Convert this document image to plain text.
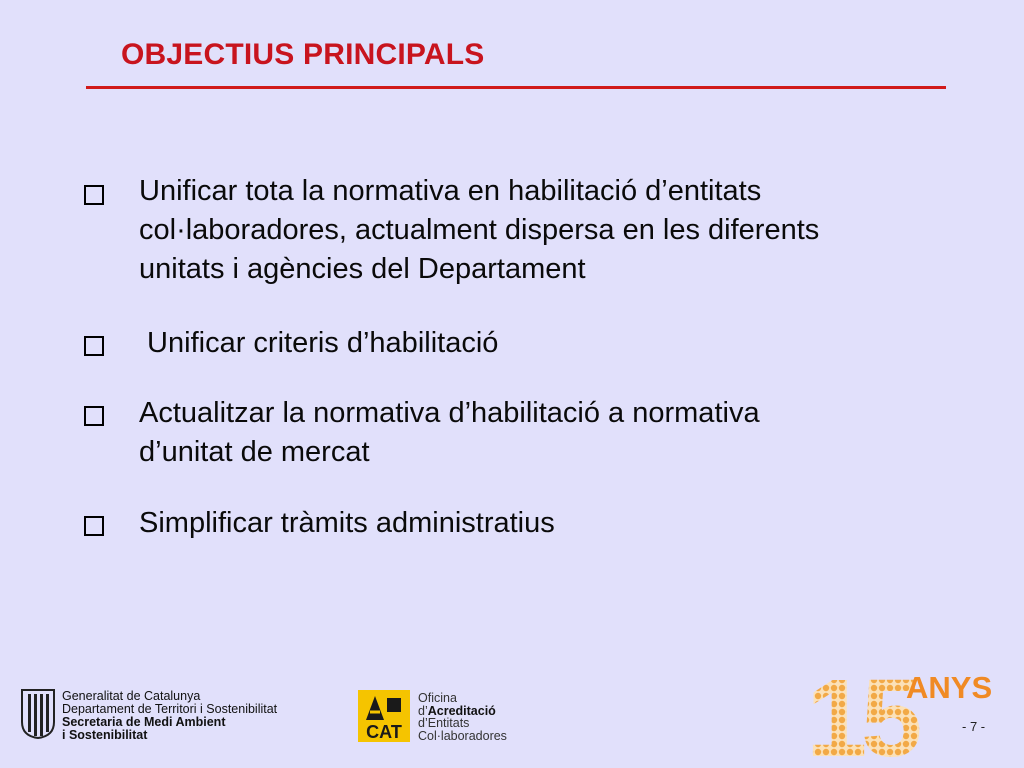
OBJECTIUS PRINCIPALS
Unificar tota la normativa en habilitació d’entitats
col·laboradores, actualment dispersa en les diferents
unitats i agències del Departament
Unificar criteris d’habilitació
Actualitzar la normativa d’habilitació a normativa
d’unitat de mercat
Simplificar tràmits administratius
Generalitat de Catalunya
Departament de Territori i Sostenibilitat
Secretaria de Medi Ambient
i Sostenibilitat	CAT
Oficina
d’Acreditació
d’Entitats
Col·laboradores	15
ANYS
- 7 -
